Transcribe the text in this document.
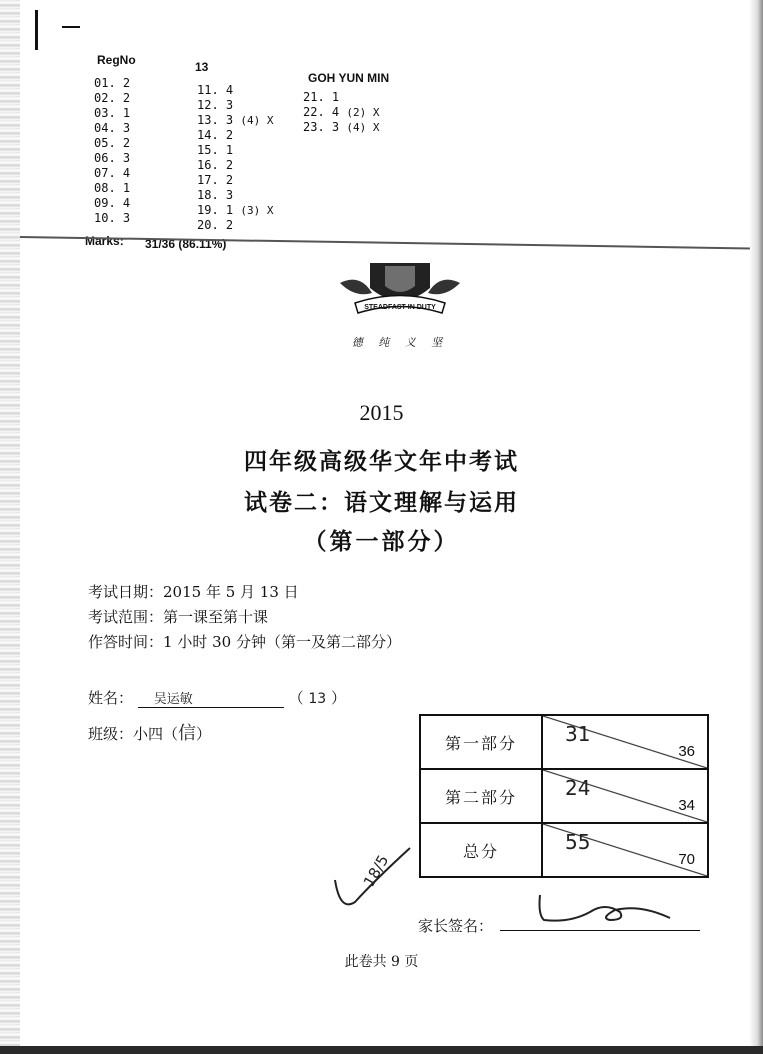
RegNo	13
GOH YUN MIN
01. 2
02. 2
03. 1
04. 3
05. 2
06. 3
07. 4
08. 1
09. 4
10. 3
11. 4
12. 3
13. 3 (4) X
14. 2
15. 1
16. 2
17. 2
18. 3
19. 1 (3) X
20. 2
21. 1
22. 4 (2) X
23. 3 (4) X
Marks: 31/36 (86.11%)
STEADFAST IN DUTY
德 纯 义 坚
2015
四年级高级华文年中考试
试卷二：语文理解与运用
（第一部分）
考试日期：2015 年 5 月 13 日
考试范围：第一课至第十课
作答时间：1 小时 30 分钟（第一及第二部分）
姓名： 吴运敏	（ 13 ）
班级：小四（信）	第一部分	31
36

第二部分	24
34

总分	55
70
18/5
家长签名：
此卷共 9 页
